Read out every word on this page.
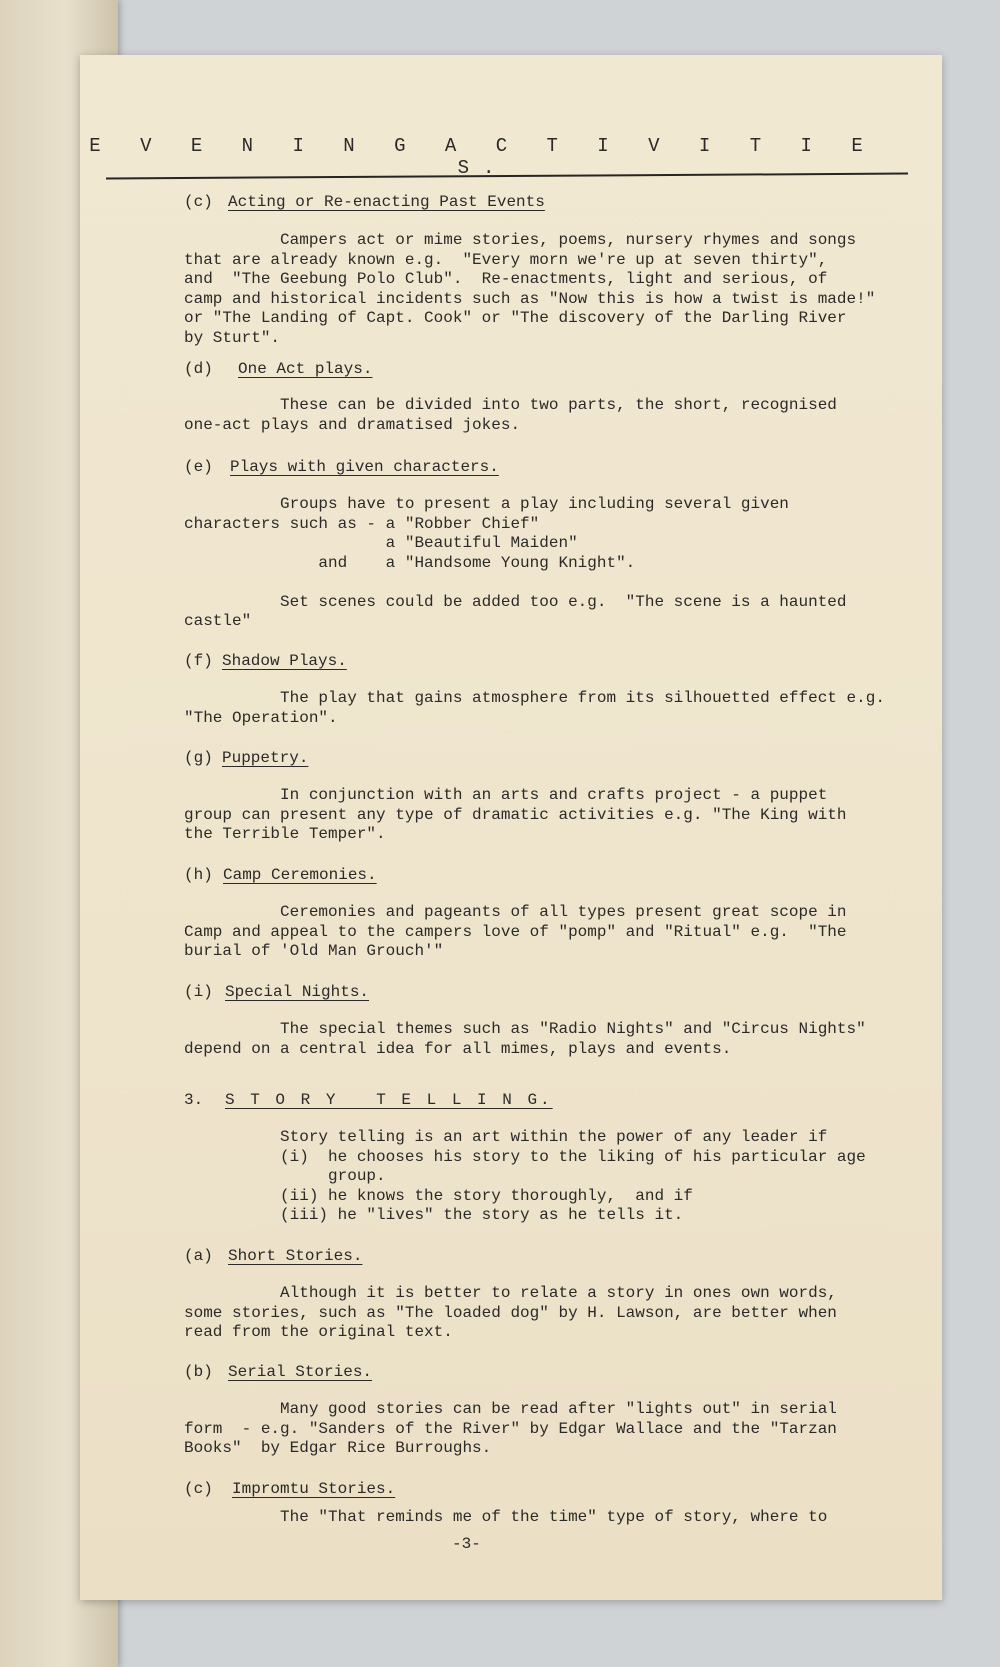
E V E N I N G A C T I V I T I E S.
(c) Acting or Re-enacting Past Events
Campers act or mime stories, poems, nursery rhymes and songs
that are already known e.g.  "Every morn we're up at seven thirty",
and  "The Geebung Polo Club".  Re-enactments, light and serious, of
camp and historical incidents such as "Now this is how a twist is made!"
or "The Landing of Capt. Cook" or "The discovery of the Darling River
by Sturt".
(d) One Act plays.
These can be divided into two parts, the short, recognised
one-act plays and dramatised jokes.
(e) Plays with given characters.
Groups have to present a play including several given
characters such as - a "Robber Chief"
a "Beautiful Maiden"
and    a "Handsome Young Knight".

Set scenes could be added too e.g.  "The scene is a haunted
castle"
(f) Shadow Plays.
The play that gains atmosphere from its silhouetted effect e.g.
"The Operation".
(g) Puppetry.
In conjunction with an arts and crafts project - a puppet
group can present any type of dramatic activities e.g. "The King with
the Terrible Temper".
(h) Camp Ceremonies.
Ceremonies and pageants of all types present great scope in
Camp and appeal to the campers love of "pomp" and "Ritual" e.g.  "The
burial of 'Old Man Grouch'"
(i) Special Nights.
The special themes such as "Radio Nights" and "Circus Nights"
depend on a central idea for all mimes, plays and events.
3. S T O R Y   T E L L I N G.
Story telling is an art within the power of any leader if
(i)  he chooses his story to the liking of his particular age
group.
(ii) he knows the story thoroughly,  and if
(iii) he "lives" the story as he tells it.
(a) Short Stories.
Although it is better to relate a story in ones own words,
some stories, such as "The loaded dog" by H. Lawson, are better when
read from the original text.
(b) Serial Stories.
Many good stories can be read after "lights out" in serial
form  - e.g. "Sanders of the River" by Edgar Wallace and the "Tarzan
Books"  by Edgar Rice Burroughs.
(c) Impromtu Stories.
The "That reminds me of the time" type of story, where to
-3-
